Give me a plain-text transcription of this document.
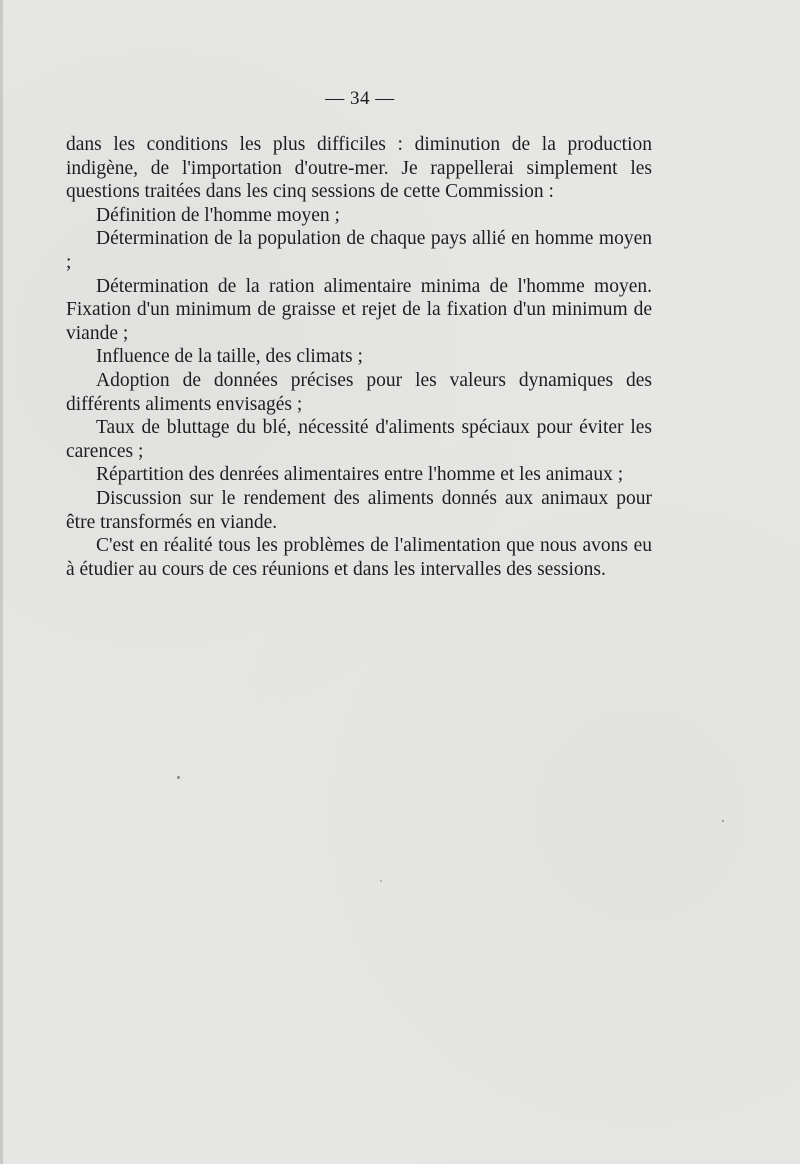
— 34 —

dans les conditions les plus difficiles : diminution de la production indigène, de l'importation d'outre-mer. Je rappellerai simplement les questions traitées dans les cinq sessions de cette Commission :

Définition de l'homme moyen ;

Détermination de la population de chaque pays allié en homme moyen ;

Détermination de la ration alimentaire minima de l'homme moyen. Fixation d'un minimum de graisse et rejet de la fixation d'un minimum de viande ;

Influence de la taille, des climats ;

Adoption de données précises pour les valeurs dynamiques des différents aliments envisagés ;

Taux de bluttage du blé, nécessité d'aliments spéciaux pour éviter les carences ;

Répartition des denrées alimentaires entre l'homme et les animaux ;

Discussion sur le rendement des aliments donnés aux animaux pour être transformés en viande.

C'est en réalité tous les problèmes de l'alimentation que nous avons eu à étudier au cours de ces réunions et dans les intervalles des sessions.
